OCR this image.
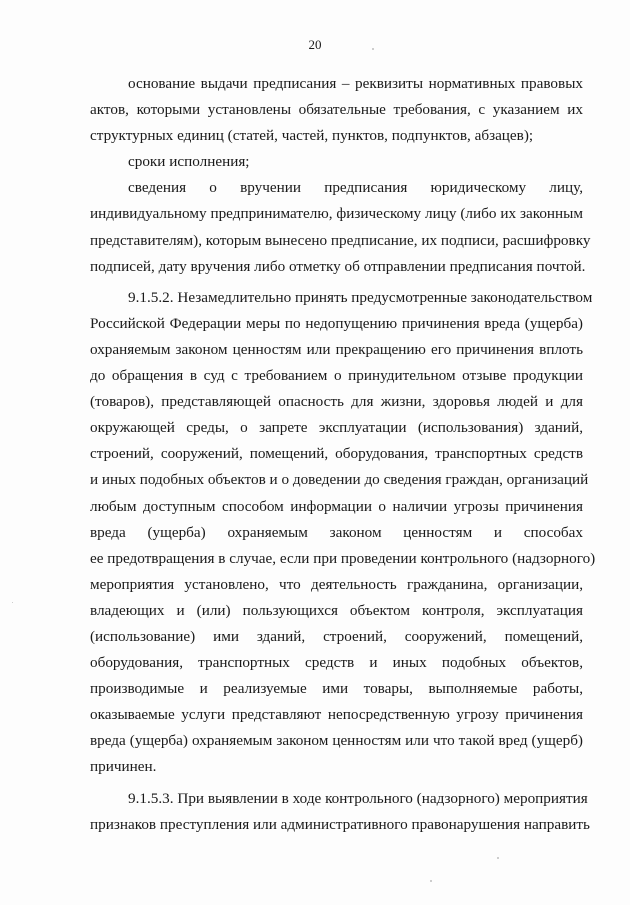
20
основание выдачи предписания – реквизиты нормативных правовых
актов, которыми установлены обязательные требования, с указанием их
структурных единиц (статей, частей, пунктов, подпунктов, абзацев);
сроки исполнения;
сведения о вручении предписания юридическому лицу,
индивидуальному предпринимателю, физическому лицу (либо их законным
представителям), которым вынесено предписание, их подписи, расшифровку
подписей, дату вручения либо отметку об отправлении предписания почтой.
9.1.5.2. Незамедлительно принять предусмотренные законодательством
Российской Федерации меры по недопущению причинения вреда (ущерба)
охраняемым законом ценностям или прекращению его причинения вплоть
до обращения в суд с требованием о принудительном отзыве продукции
(товаров), представляющей опасность для жизни, здоровья людей и для
окружающей среды, о запрете эксплуатации (использования) зданий,
строений, сооружений, помещений, оборудования, транспортных средств
и иных подобных объектов и о доведении до сведения граждан, организаций
любым доступным способом информации о наличии угрозы причинения
вреда (ущерба) охраняемым законом ценностям и способах
ее предотвращения в случае, если при проведении контрольного (надзорного)
мероприятия установлено, что деятельность гражданина, организации,
владеющих и (или) пользующихся объектом контроля, эксплуатация
(использование) ими зданий, строений, сооружений, помещений,
оборудования, транспортных средств и иных подобных объектов,
производимые и реализуемые ими товары, выполняемые работы,
оказываемые услуги представляют непосредственную угрозу причинения
вреда (ущерба) охраняемым законом ценностям или что такой вред (ущерб)
причинен.
9.1.5.3. При выявлении в ходе контрольного (надзорного) мероприятия
признаков преступления или административного правонарушения направить
